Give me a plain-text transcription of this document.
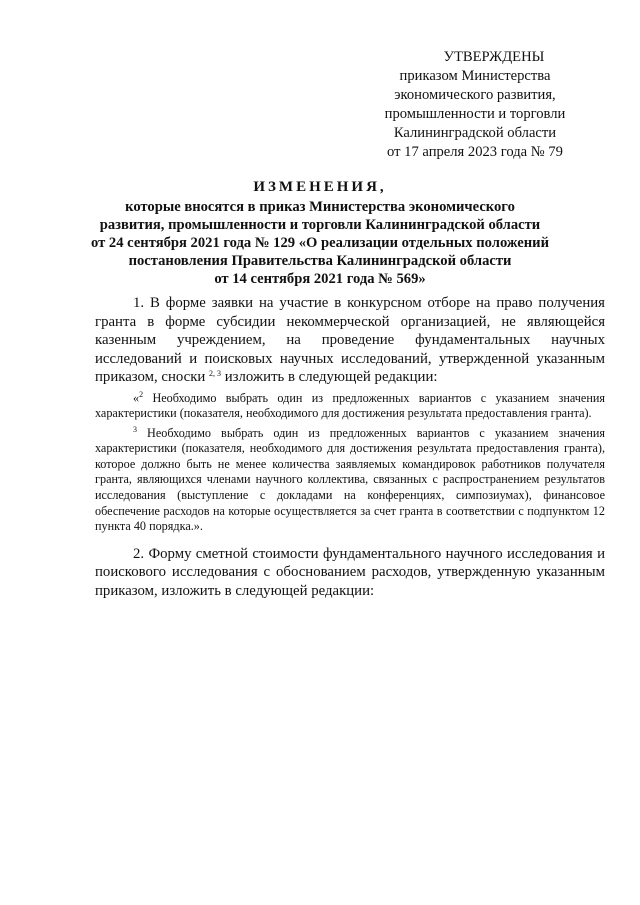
УТВЕРЖДЕНЫ
приказом Министерства
экономического развития,
промышленности и торговли
Калининградской области
от 17 апреля 2023 года № 79
ИЗМЕНЕНИЯ,
которые вносятся в приказ Министерства экономического
развития, промышленности и торговли Калининградской области
от 24 сентября 2021 года № 129 «О реализации отдельных положений
постановления Правительства Калининградской области
от 14 сентября 2021 года № 569»

1. В форме заявки на участие в конкурсном отборе на право получения гранта в форме субсидии некоммерческой организацией, не являющейся казенным учреждением, на проведение фундаментальных научных исследований и поисковых научных исследований, утвержденной указанным приказом, сноски $^{2, 3}$ изложить в следующей редакции:

«$^2$ Необходимо выбрать один из предложенных вариантов с указанием значения характеристики (показателя, необходимого для достижения результата предоставления гранта).

$^3$ Необходимо выбрать один из предложенных вариантов с указанием значения характеристики (показателя, необходимого для достижения результата предоставления гранта), которое должно быть не менее количества заявляемых командировок работников получателя гранта, являющихся членами научного коллектива, связанных с распространением результатов исследования (выступление с докладами на конференциях, симпозиумах), финансовое обеспечение расходов на которые осуществляется за счет гранта в соответствии с подпунктом 12 пункта 40 порядка.».

2. Форму сметной стоимости фундаментального научного исследования и поискового исследования с обоснованием расходов, утвержденную указанным приказом, изложить в следующей редакции:
